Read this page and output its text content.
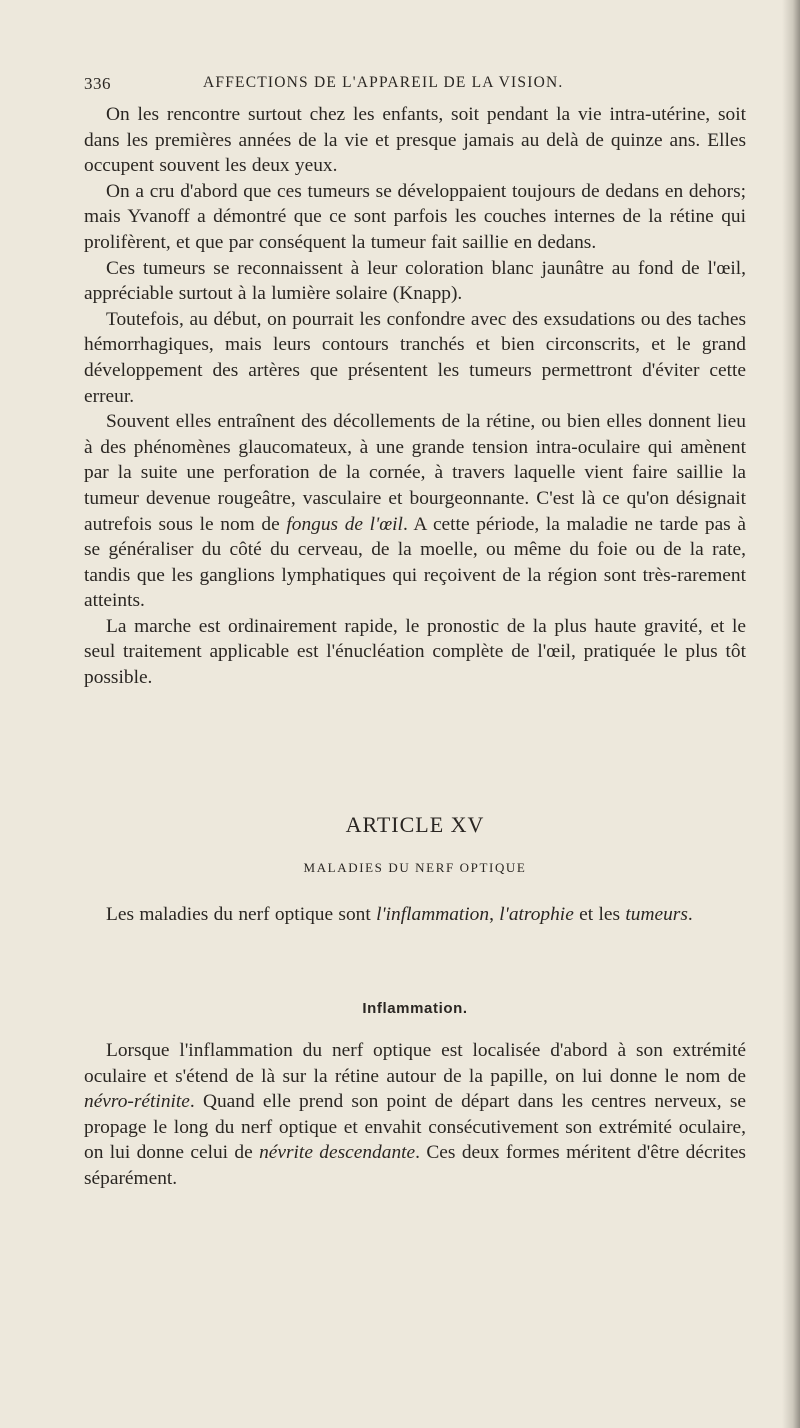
336	AFFECTIONS DE L'APPAREIL DE LA VISION.

On les rencontre surtout chez les enfants, soit pendant la vie intra-utérine, soit dans les premières années de la vie et presque jamais au delà de quinze ans. Elles occupent souvent les deux yeux.

On a cru d'abord que ces tumeurs se développaient toujours de dedans en dehors; mais Yvanoff a démontré que ce sont parfois les couches internes de la rétine qui prolifèrent, et que par conséquent la tumeur fait saillie en dedans.

Ces tumeurs se reconnaissent à leur coloration blanc jaunâtre au fond de l'œil, appréciable surtout à la lumière solaire (Knapp).

Toutefois, au début, on pourrait les confondre avec des exsudations ou des taches hémorrhagiques, mais leurs contours tranchés et bien circonscrits, et le grand développement des artères que présentent les tumeurs permettront d'éviter cette erreur.

Souvent elles entraînent des décollements de la rétine, ou bien elles donnent lieu à des phénomènes glaucomateux, à une grande tension intra-oculaire qui amènent par la suite une perforation de la cornée, à travers laquelle vient faire saillie la tumeur devenue rougeâtre, vasculaire et bourgeonnante. C'est là ce qu'on désignait autrefois sous le nom de fongus de l'œil. A cette période, la maladie ne tarde pas à se généraliser du côté du cerveau, de la moelle, ou même du foie ou de la rate, tandis que les ganglions lymphatiques qui reçoivent de la région sont très-rarement atteints.

La marche est ordinairement rapide, le pronostic de la plus haute gravité, et le seul traitement applicable est l'énucléation complète de l'œil, pratiquée le plus tôt possible.

ARTICLE XV
MALADIES DU NERF OPTIQUE

Les maladies du nerf optique sont l'inflammation, l'atrophie et les tumeurs.

Inflammation.

Lorsque l'inflammation du nerf optique est localisée d'abord à son extrémité oculaire et s'étend de là sur la rétine autour de la papille, on lui donne le nom de névro-rétinite. Quand elle prend son point de départ dans les centres nerveux, se propage le long du nerf optique et envahit consécutivement son extrémité oculaire, on lui donne celui de névrite descendante. Ces deux formes méritent d'être décrites séparément.
